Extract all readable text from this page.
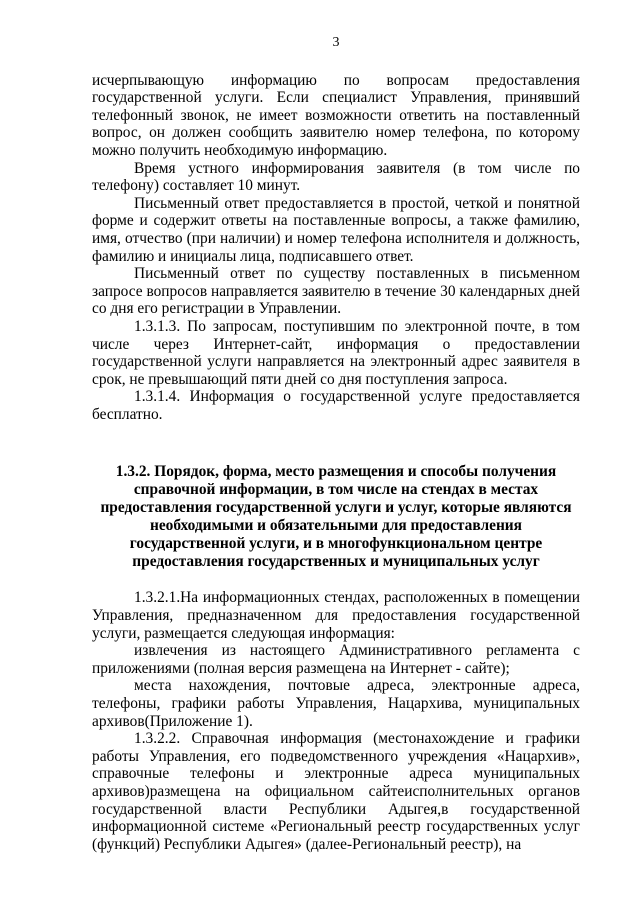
3

исчерпывающую информацию по вопросам предоставления государственной услуги. Если специалист Управления, принявший телефонный звонок, не имеет возможности ответить на поставленный вопрос, он должен сообщить заявителю номер телефона, по которому можно получить необходимую информацию.

Время устного информирования заявителя (в том числе по телефону) составляет 10 минут.

Письменный ответ предоставляется в простой, четкой и понятной форме и содержит ответы на поставленные вопросы, а также фамилию, имя, отчество (при наличии) и номер телефона исполнителя и должность, фамилию и инициалы лица, подписавшего ответ.

Письменный ответ по существу поставленных в письменном запросе вопросов направляется заявителю в течение 30 календарных дней со дня его регистрации в Управлении.

1.3.1.3. По запросам, поступившим по электронной почте, в том числе через Интернет-сайт, информация о предоставлении государственной услуги направляется на электронный адрес заявителя в срок, не превышающий пяти дней со дня поступления запроса.

1.3.1.4. Информация о государственной услуге предоставляется бесплатно.

1.3.2. Порядок, форма, место размещения и способы получения справочной информации, в том числе на стендах в местах предоставления государственной услуги и услуг, которые являются необходимыми и обязательными для предоставления государственной услуги, и в многофункциональном центре предоставления государственных и муниципальных услуг

1.3.2.1.На информационных стендах, расположенных в помещении Управления, предназначенном для предоставления государственной услуги, размещается следующая информация:

извлечения из настоящего Административного регламента с приложениями (полная версия размещена на Интернет - сайте);

места нахождения, почтовые адреса, электронные адреса, телефоны, графики работы Управления, Нацархива, муниципальных архивов(Приложение 1).

1.3.2.2. Справочная информация (местонахождение и графики работы Управления, его подведомственного учреждения «Нацархив», справочные телефоны и электронные адреса муниципальных архивов)размещена на официальном сайтеисполнительных органов государственной власти Республики Адыгея,в государственной информационной системе «Региональный реестр государственных услуг (функций) Республики Адыгея» (далее-Региональный реестр), на
